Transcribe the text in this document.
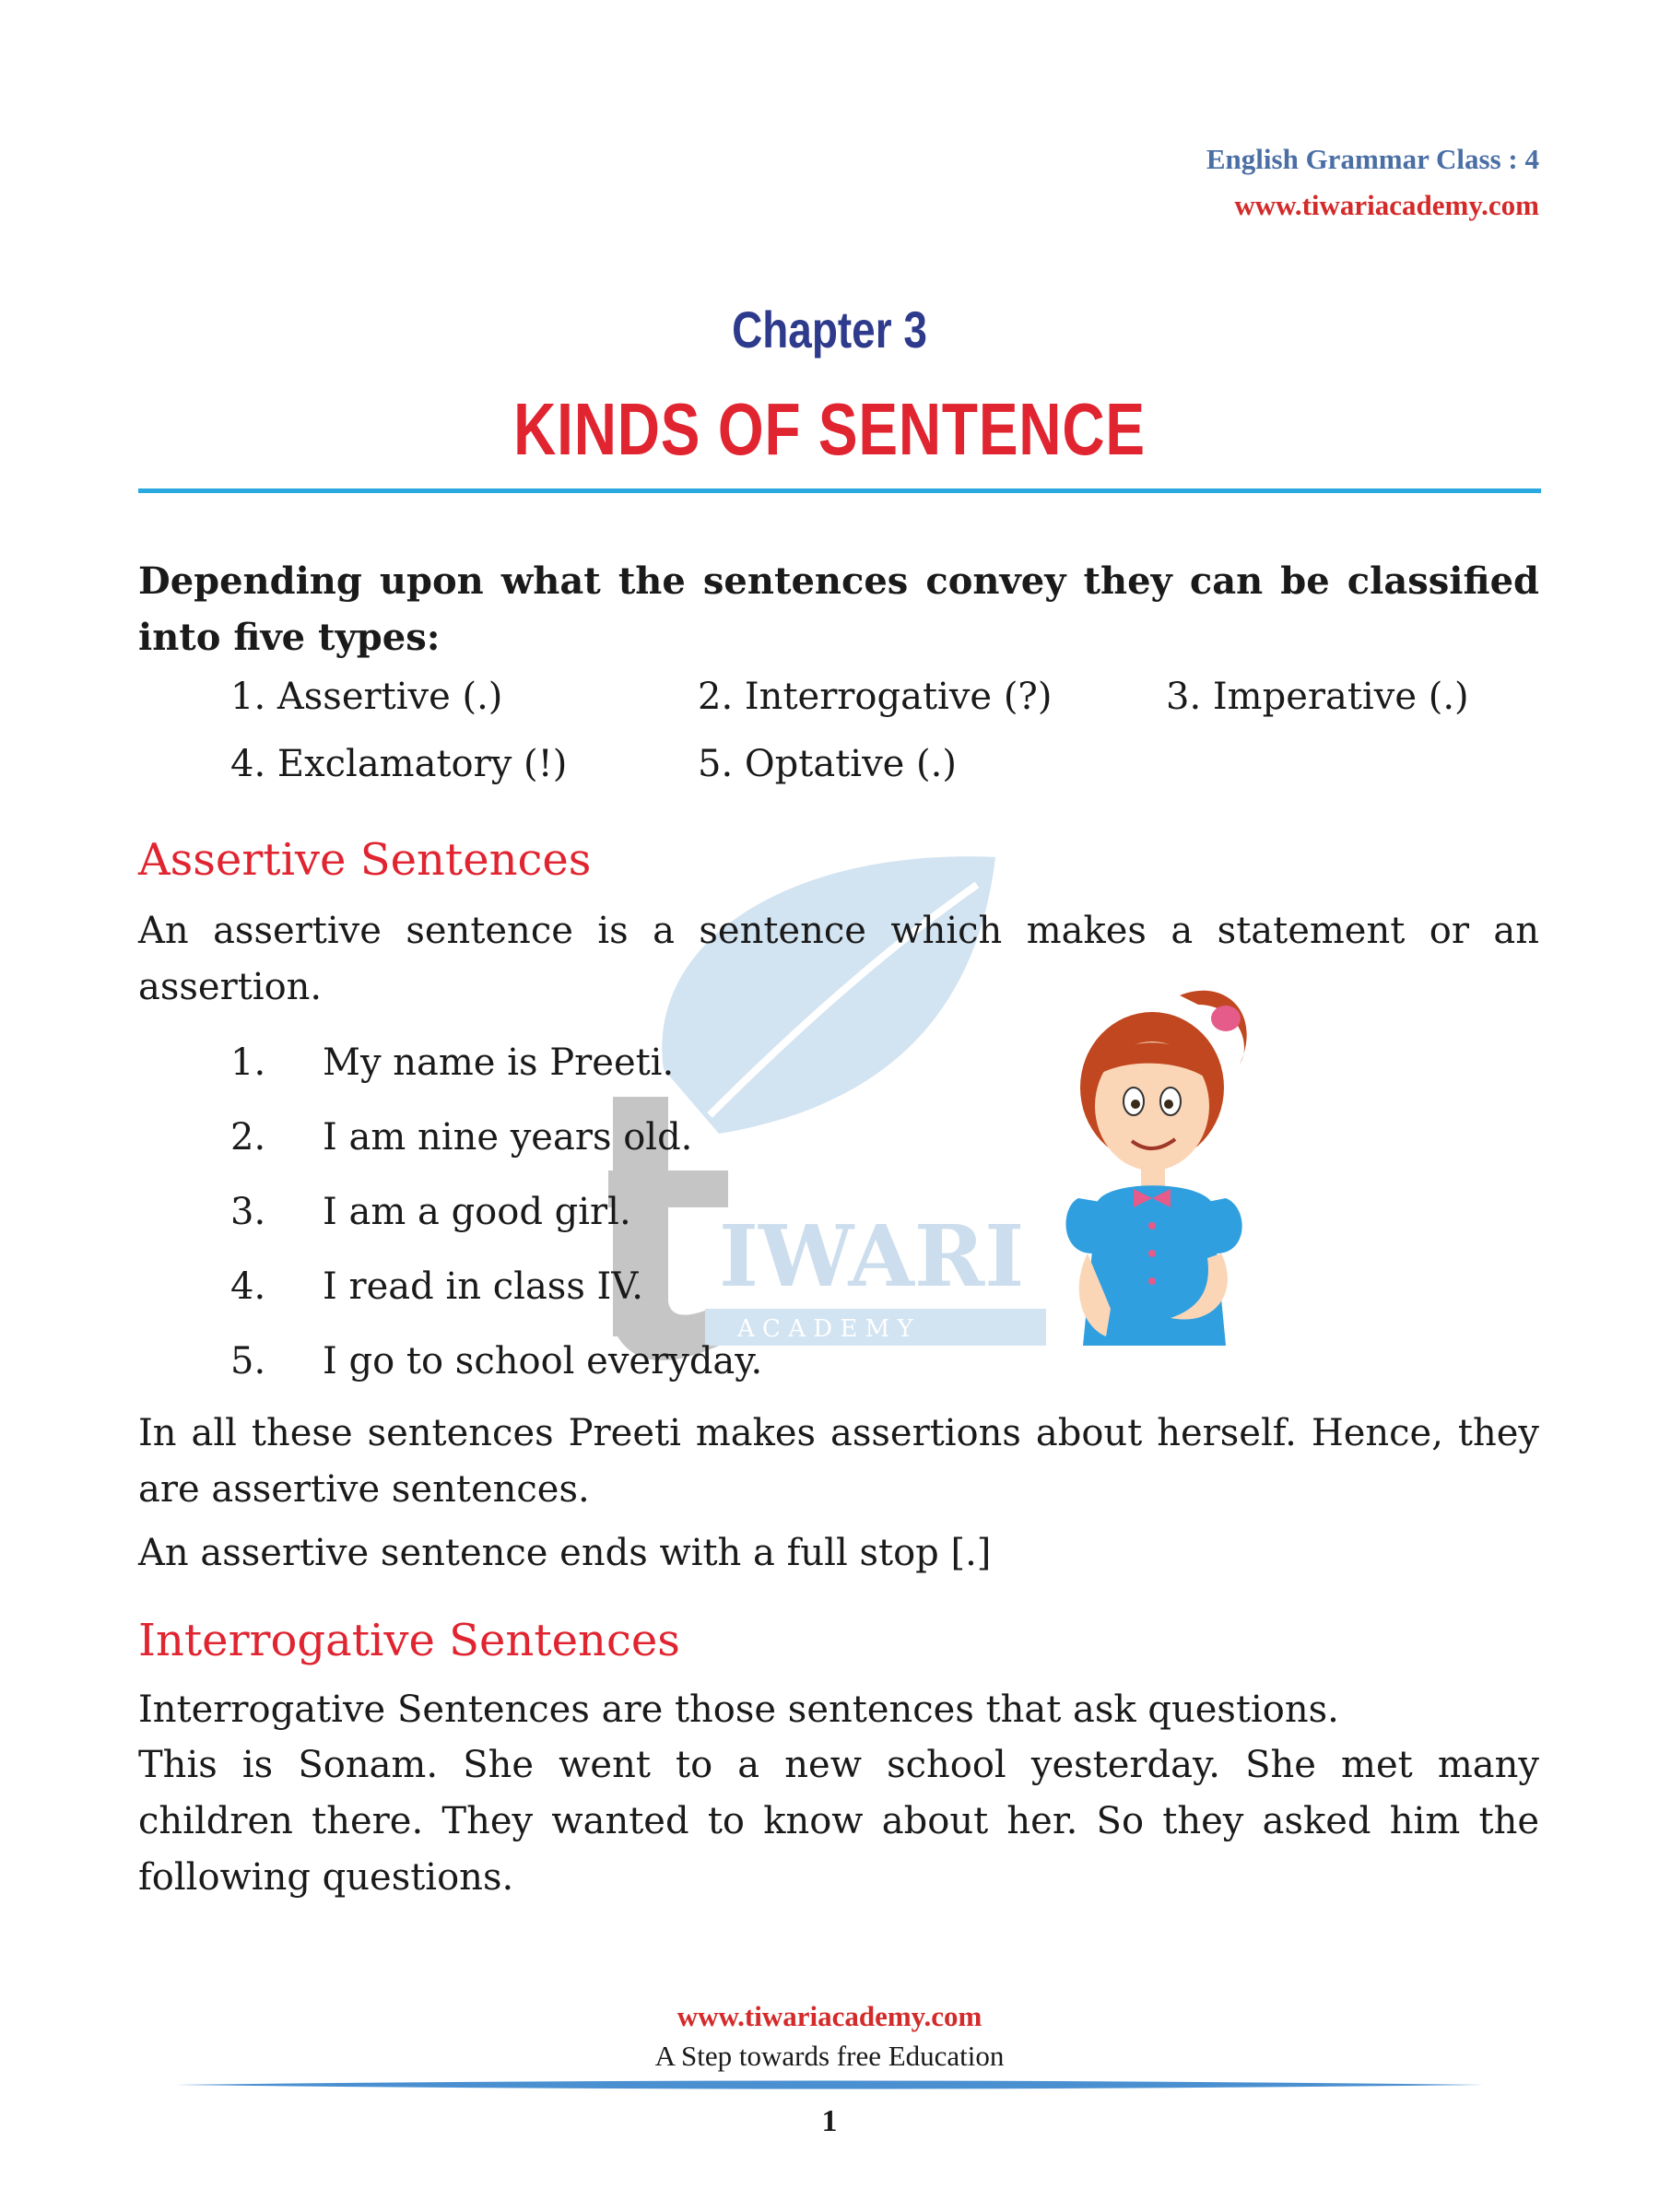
English Grammar Class : 4
www.tiwariacademy.com
Chapter 3
KINDS OF SENTENCE
IWARI
A C A D E M Y
Depending upon what the sentences convey they can be classified into five types:
1. Assertive (.)	2. Interrogative (?)	3. Imperative (.)
4. Exclamatory (!)	5. Optative (.)
Assertive Sentences
An assertive sentence is a sentence which makes a statement or an assertion.
1. My name is Preeti.
2. I am nine years old.
3. I am a good girl.
4. I read in class IV.
5. I go to school everyday.
In all these sentences Preeti makes assertions about herself. Hence, they are assertive sentences.
An assertive sentence ends with a full stop [.]
Interrogative Sentences
Interrogative Sentences are those sentences that ask questions.
This is Sonam. She went to a new school yesterday. She met many children there. They wanted to know about her. So they asked him the following questions.
www.tiwariacademy.com
A Step towards free Education
1
